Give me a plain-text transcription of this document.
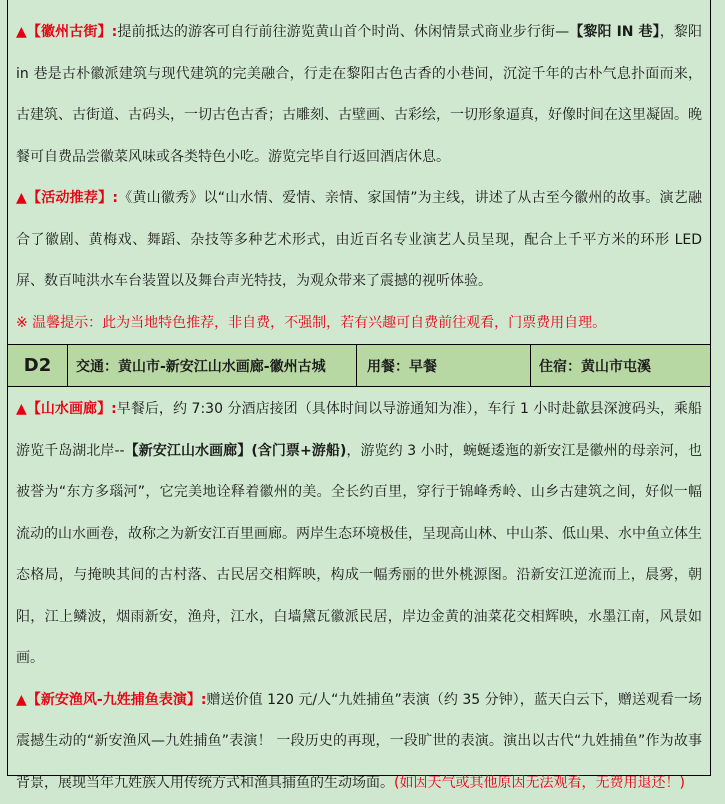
▲【徽州古街】:提前抵达的游客可自行前往游览黄山首个时尚、休闲情景式商业步行街—【黎阳 IN 巷】，黎阳 in 巷是古朴徽派建筑与现代建筑的完美融合，行走在黎阳古色古香的小巷间，沉淀千年的古朴气息扑面而来，古建筑、古街道、古码头，一切古色古香；古雕刻、古壁画、古彩绘，一切形象逼真，好像时间在这里凝固。晚餐可自费品尝徽菜风味或各类特色小吃。游览完毕自行返回酒店休息。

▲【活动推荐】:《黄山徽秀》以“山水情、爱情、亲情、家国情”为主线，讲述了从古至今徽州的故事。演艺融合了徽剧、黄梅戏、舞蹈、杂技等多种艺术形式，由近百名专业演艺人员呈现，配合上千平方米的环形 LED 屏、数百吨洪水车台装置以及舞台声光特技，为观众带来了震撼的视听体验。

※ 温馨提示：此为当地特色推荐，非自费，不强制，若有兴趣可自费前往观看，门票费用自理。

D2	交通：黄山市-新安江山水画廊-徽州古城	用餐：早餐	住宿：黄山市屯溪

▲【山水画廊】:早餐后，约 7:30 分酒店接团（具体时间以导游通知为准），车行 1 小时赴歙县深渡码头，乘船游览千岛湖北岸--【新安江山水画廊】(含门票+游船)，游览约 3 小时，蜿蜒逶迤的新安江是徽州的母亲河，也被誉为“东方多瑙河”，它完美地诠释着徽州的美。全长约百里，穿行于锦峰秀岭、山乡古建筑之间，好似一幅流动的山水画卷，故称之为新安江百里画廊。两岸生态环境极佳，呈现高山林、中山茶、低山果、水中鱼立体生态格局，与掩映其间的古村落、古民居交相辉映，构成一幅秀丽的世外桃源图。沿新安江逆流而上，晨雾，朝阳，江上鳞波，烟雨新安，渔舟，江水，白墙黛瓦徽派民居，岸边金黄的油菜花交相辉映，水墨江南，风景如画。

▲【新安渔风-九姓捕鱼表演】:赠送价值 120 元/人“九姓捕鱼”表演（约 35 分钟），蓝天白云下，赠送观看一场震撼生动的“新安渔风—九姓捕鱼”表演！ 一段历史的再现，一段旷世的表演。演出以古代“九姓捕鱼”作为故事背景，展现当年九姓族人用传统方式和渔具捕鱼的生动场面。(如因天气或其他原因无法观看，无费用退还！)
